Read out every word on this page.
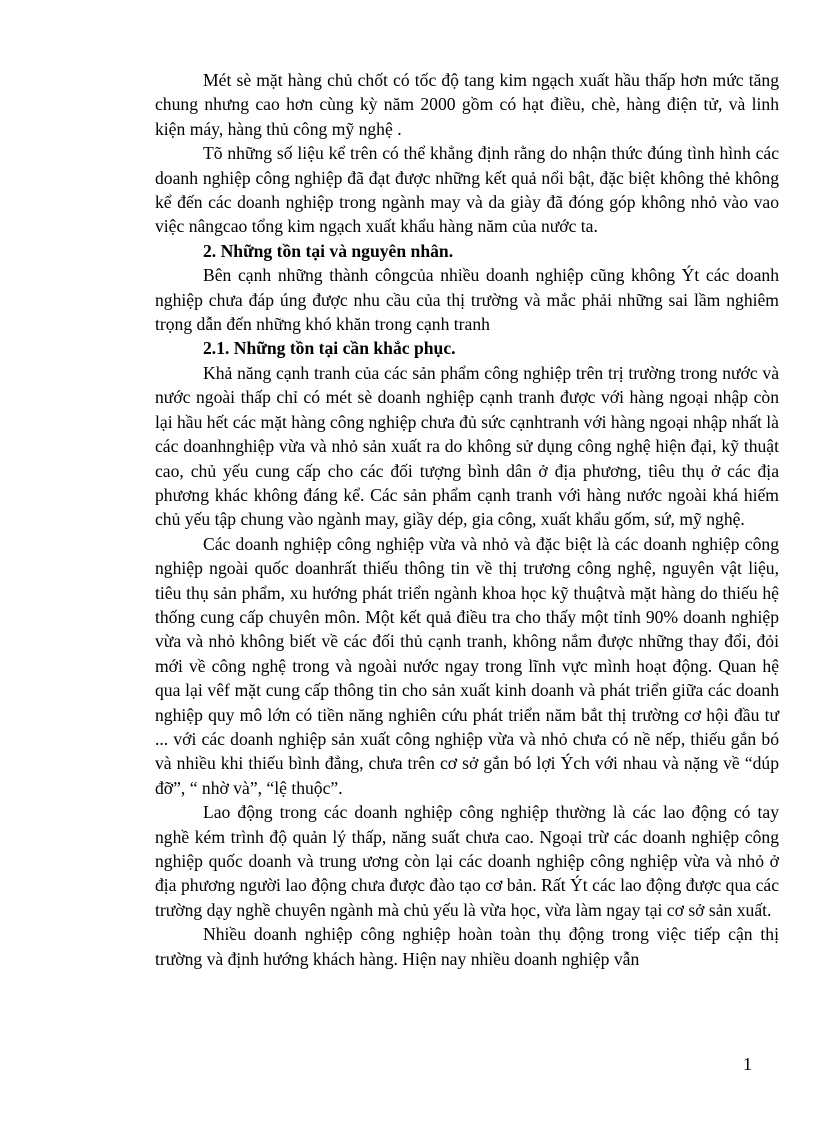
Mét sè mặt hàng chủ chốt có tốc độ tang kim ngạch xuất hầu thấp hơn mức tăng chung nhưng cao hơn cùng kỳ năm 2000 gồm có hạt điều, chè, hàng điện tử, và linh kiện máy, hàng thủ công mỹ nghệ .

Tõ những số liệu kể trên có thể khẳng định rằng do nhận thức đúng tình hình các doanh nghiệp công nghiệp đã đạt được những kết quả nổi bật, đặc biệt không thẻ không kể đến các doanh nghiệp trong ngành may và da giày đã đóng góp không nhỏ vào vao việc nângcao tổng kim ngạch xuất khẩu hàng năm của nước ta.

2. Những tồn tại và nguyên nhân.

Bên cạnh những thành côngcủa nhiều doanh nghiệp cũng không Ýt các doanh nghiệp chưa đáp úng được nhu cầu của thị trường và mắc phải những sai lầm nghiêm trọng dẫn đến những khó khăn trong cạnh tranh

2.1. Những tồn tại cần khắc phục.

Khả năng cạnh tranh của các sản phẩm công nghiệp trên trị trường trong nước và nước ngoài thấp chỉ có mét sè doanh nghiệp cạnh tranh được với hàng ngoại nhập còn lại hầu hết các mặt hàng công nghiệp chưa đủ sức cạnhtranh với hàng ngoại nhập nhất là các doanhnghiệp vừa và nhỏ sản xuất ra do không sử dụng công nghệ hiện đại, kỹ thuật cao, chủ yếu cung cấp cho các đối tượng bình dân ở địa phương, tiêu thụ ở các địa phương khác không đáng kể. Các sản phẩm cạnh tranh với hàng nước ngoài khá hiếm chủ yếu tập chung vào ngành may, giầy dép, gia công, xuất khẩu gốm, sứ, mỹ nghệ.

Các doanh nghiệp công nghiệp vừa và nhỏ và đặc biệt là các doanh nghiệp công nghiệp ngoài quốc doanhrất thiếu thông tin về thị trương công nghệ, nguyên vật liệu, tiêu thụ sản phẩm, xu hướng phát triển ngành khoa học kỹ thuậtvà mặt hàng do thiếu hệ thống cung cấp chuyên môn. Một kết quả điều tra cho thấy một tỉnh 90% doanh nghiệp vừa và nhỏ không biết về các đối thủ cạnh tranh, không nắm được những thay đổi, đỏi mới về công nghệ trong và ngoài nước ngay trong lĩnh vực mình hoạt động. Quan hệ qua lại vêf mặt cung cấp thông tin cho sản xuất kinh doanh và phát triển giữa các doanh nghiệp quy mô lớn có tiền năng nghiên cứu phát triển năm bắt thị trường cơ hội đầu tư ... với các doanh nghiệp sản xuất công nghiệp vừa và nhỏ chưa có nề nếp, thiếu gắn bó và nhiều khi thiếu bình đẳng, chưa trên cơ sở gắn bó lợi Ých với nhau và nặng về “dúp đỡ”, “ nhờ và”, “lệ thuộc”.

Lao động trong các doanh nghiệp công nghiệp thường là các lao động có tay nghề kém trình độ quản lý thấp, năng suất chưa cao. Ngoại trừ các doanh nghiệp công nghiệp quốc doanh và trung ương còn lại các doanh nghiệp công nghiệp vừa và nhỏ ở địa phương người lao động chưa được đào tạo cơ bản. Rất Ýt các lao động được qua các trường dạy nghề chuyên ngành mà chủ yếu là vừa học, vừa làm ngay tại cơ sở sản xuất.

Nhiều doanh nghiệp công nghiệp hoàn toàn thụ động trong việc tiếp cận thị trường và định hướng khách hàng. Hiện nay nhiều doanh nghiệp vẫn

1
